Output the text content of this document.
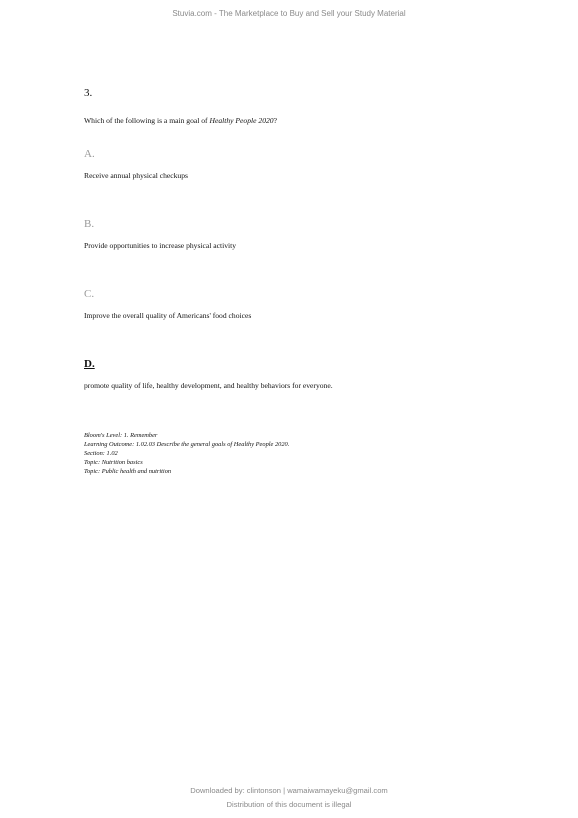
Stuvia.com - The Marketplace to Buy and Sell your Study Material
3.
Which of the following is a main goal of Healthy People 2020?
A.
Receive annual physical checkups
B.
Provide opportunities to increase physical activity
C.
Improve the overall quality of Americans' food choices
D.
promote quality of life, healthy development, and healthy behaviors for everyone.
Bloom's Level: 1. Remember
Learning Outcome: 1.02.03 Describe the general goals of Healthy People 2020.
Section: 1.02
Topic: Nutrition basics
Topic: Public health and nutrition
Downloaded by: clintonson | wamaiwamayeku@gmail.com
Distribution of this document is illegal
